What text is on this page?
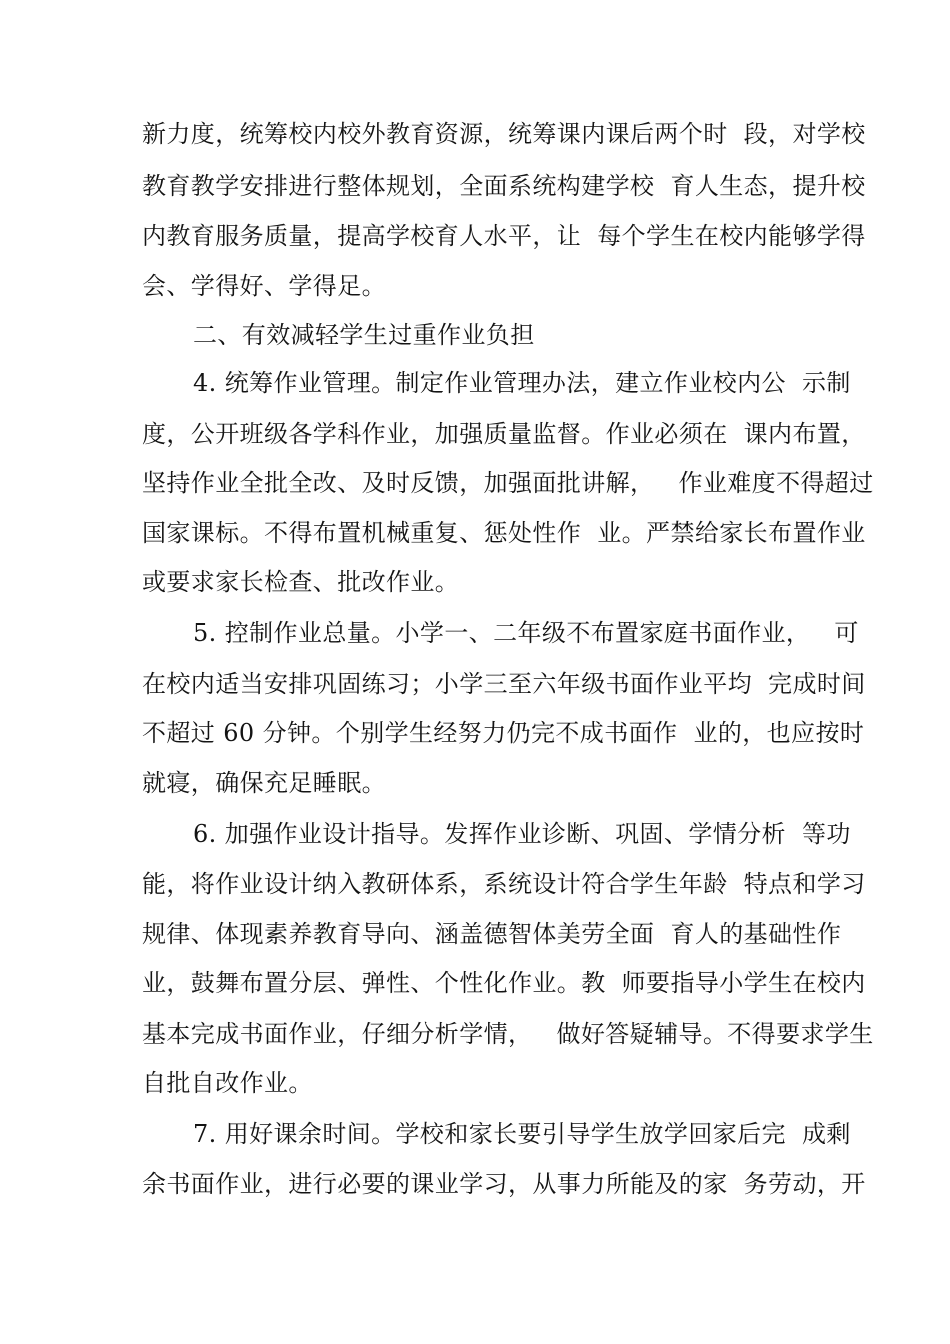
新力度，统筹校内校外教育资源，统筹课内课后两个时  段，对学校
教育教学安排进行整体规划，全面系统构建学校  育人生态，提升校
内教育服务质量，提高学校育人水平，让  每个学生在校内能够学得
会、学得好、学得足。
二、有效减轻学生过重作业负担
4. 统筹作业管理。制定作业管理办法，建立作业校内公  示制
度，公开班级各学科作业，加强质量监督。作业必须在  课内布置，
坚持作业全批全改、及时反馈，加强面批讲解，   作业难度不得超过
国家课标。不得布置机械重复、惩处性作  业。严禁给家长布置作业
或要求家长检查、批改作业。
5. 控制作业总量。小学一、二年级不布置家庭书面作业，   可
在校内适当安排巩固练习；小学三至六年级书面作业平均  完成时间
不超过 60 分钟。个别学生经努力仍完不成书面作  业的，也应按时
就寝，确保充足睡眠。
6. 加强作业设计指导。发挥作业诊断、巩固、学情分析  等功
能，将作业设计纳入教研体系，系统设计符合学生年龄  特点和学习
规律、体现素养教育导向、涵盖德智体美劳全面  育人的基础性作
业，鼓舞布置分层、弹性、个性化作业。教  师要指导小学生在校内
基本完成书面作业，仔细分析学情，   做好答疑辅导。不得要求学生
自批自改作业。
7. 用好课余时间。学校和家长要引导学生放学回家后完  成剩
余书面作业，进行必要的课业学习，从事力所能及的家  务劳动，开
